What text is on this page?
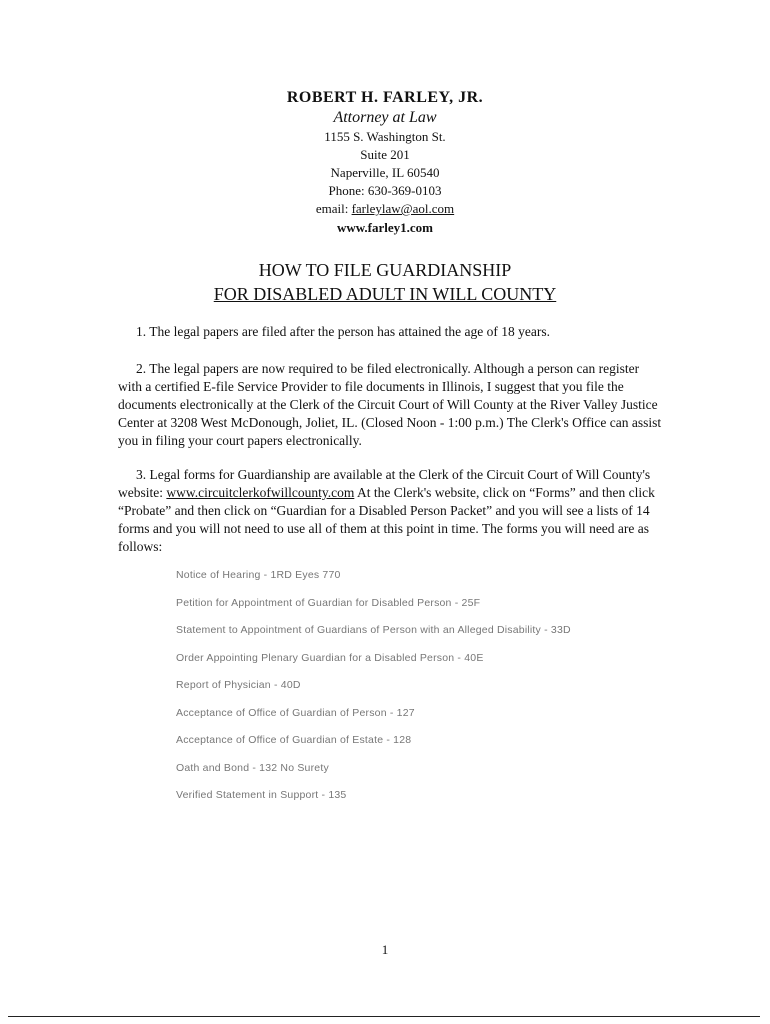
ROBERT H. FARLEY, JR.
Attorney at Law
1155 S. Washington St.
Suite 201
Naperville, IL 60540
Phone: 630-369-0103
email: farleylaw@aol.com
www.farley1.com
HOW TO FILE GUARDIANSHIP
FOR DISABLED ADULT IN WILL COUNTY
1. The legal papers are filed after the person has attained the age of 18 years.
2. The legal papers are now required to be filed electronically. Although a person can register with a certified E-file Service Provider to file documents in Illinois, I suggest that you file the documents electronically at the Clerk of the Circuit Court of Will County at the River Valley Justice Center at 3208 West McDonough, Joliet, IL. (Closed Noon - 1:00 p.m.) The Clerk's Office can assist you in filing your court papers electronically.
3. Legal forms for Guardianship are available at the Clerk of the Circuit Court of Will County's website: www.circuitclerkofwillcounty.com At the Clerk's website, click on “Forms” and then click “Probate” and then click on “Guardian for a Disabled Person Packet” and you will see a lists of 14 forms and you will not need to use all of them at this point in time. The forms you will need are as follows:
Notice of Hearing - 1RD Eyes 770
Petition for Appointment of Guardian for Disabled Person - 25F
Statement to Appointment of Guardians of Person with an Alleged Disability - 33D
Order Appointing Plenary Guardian for a Disabled Person - 40E
Report of Physician - 40D
Acceptance of Office of Guardian of Person - 127
Acceptance of Office of Guardian of Estate - 128
Oath and Bond - 132 No Surety
Verified Statement in Support - 135
1
